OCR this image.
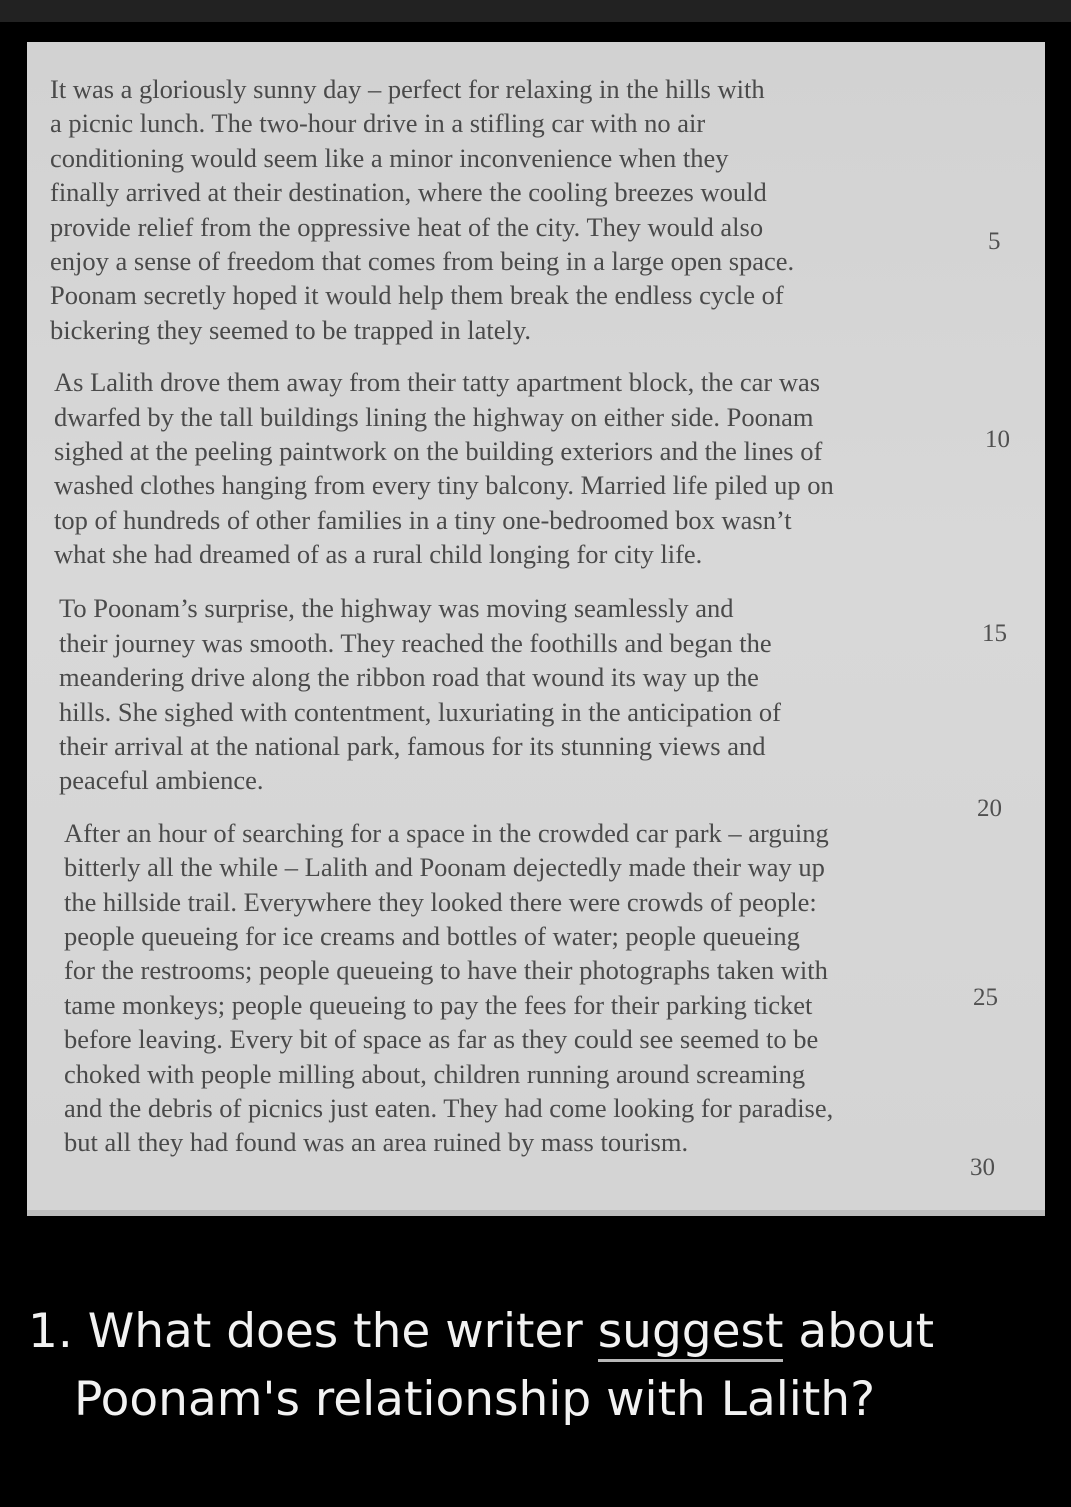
It was a gloriously sunny day – perfect for relaxing in the hills with
a picnic lunch. The two-hour drive in a stifling car with no air
conditioning would seem like a minor inconvenience when they
finally arrived at their destination, where the cooling breezes would
provide relief from the oppressive heat of the city. They would also
enjoy a sense of freedom that comes from being in a large open space.
Poonam secretly hoped it would help them break the endless cycle of
bickering they seemed to be trapped in lately.
As Lalith drove them away from their tatty apartment block, the car was
dwarfed by the tall buildings lining the highway on either side. Poonam
sighed at the peeling paintwork on the building exteriors and the lines of
washed clothes hanging from every tiny balcony. Married life piled up on
top of hundreds of other families in a tiny one-bedroomed box wasn’t
what she had dreamed of as a rural child longing for city life.
To Poonam’s surprise, the highway was moving seamlessly and
their journey was smooth. They reached the foothills and began the
meandering drive along the ribbon road that wound its way up the
hills. She sighed with contentment, luxuriating in the anticipation of
their arrival at the national park, famous for its stunning views and
peaceful ambience.
After an hour of searching for a space in the crowded car park – arguing
bitterly all the while – Lalith and Poonam dejectedly made their way up
the hillside trail. Everywhere they looked there were crowds of people:
people queueing for ice creams and bottles of water; people queueing
for the restrooms; people queueing to have their photographs taken with
tame monkeys; people queueing to pay the fees for their parking ticket
before leaving. Every bit of space as far as they could see seemed to be
choked with people milling about, children running around screaming
and the debris of picnics just eaten. They had come looking for paradise,
but all they had found was an area ruined by mass tourism.
5
10
15
20
25
30
1. What does the writer suggest about
Poonam's relationship with Lalith?
